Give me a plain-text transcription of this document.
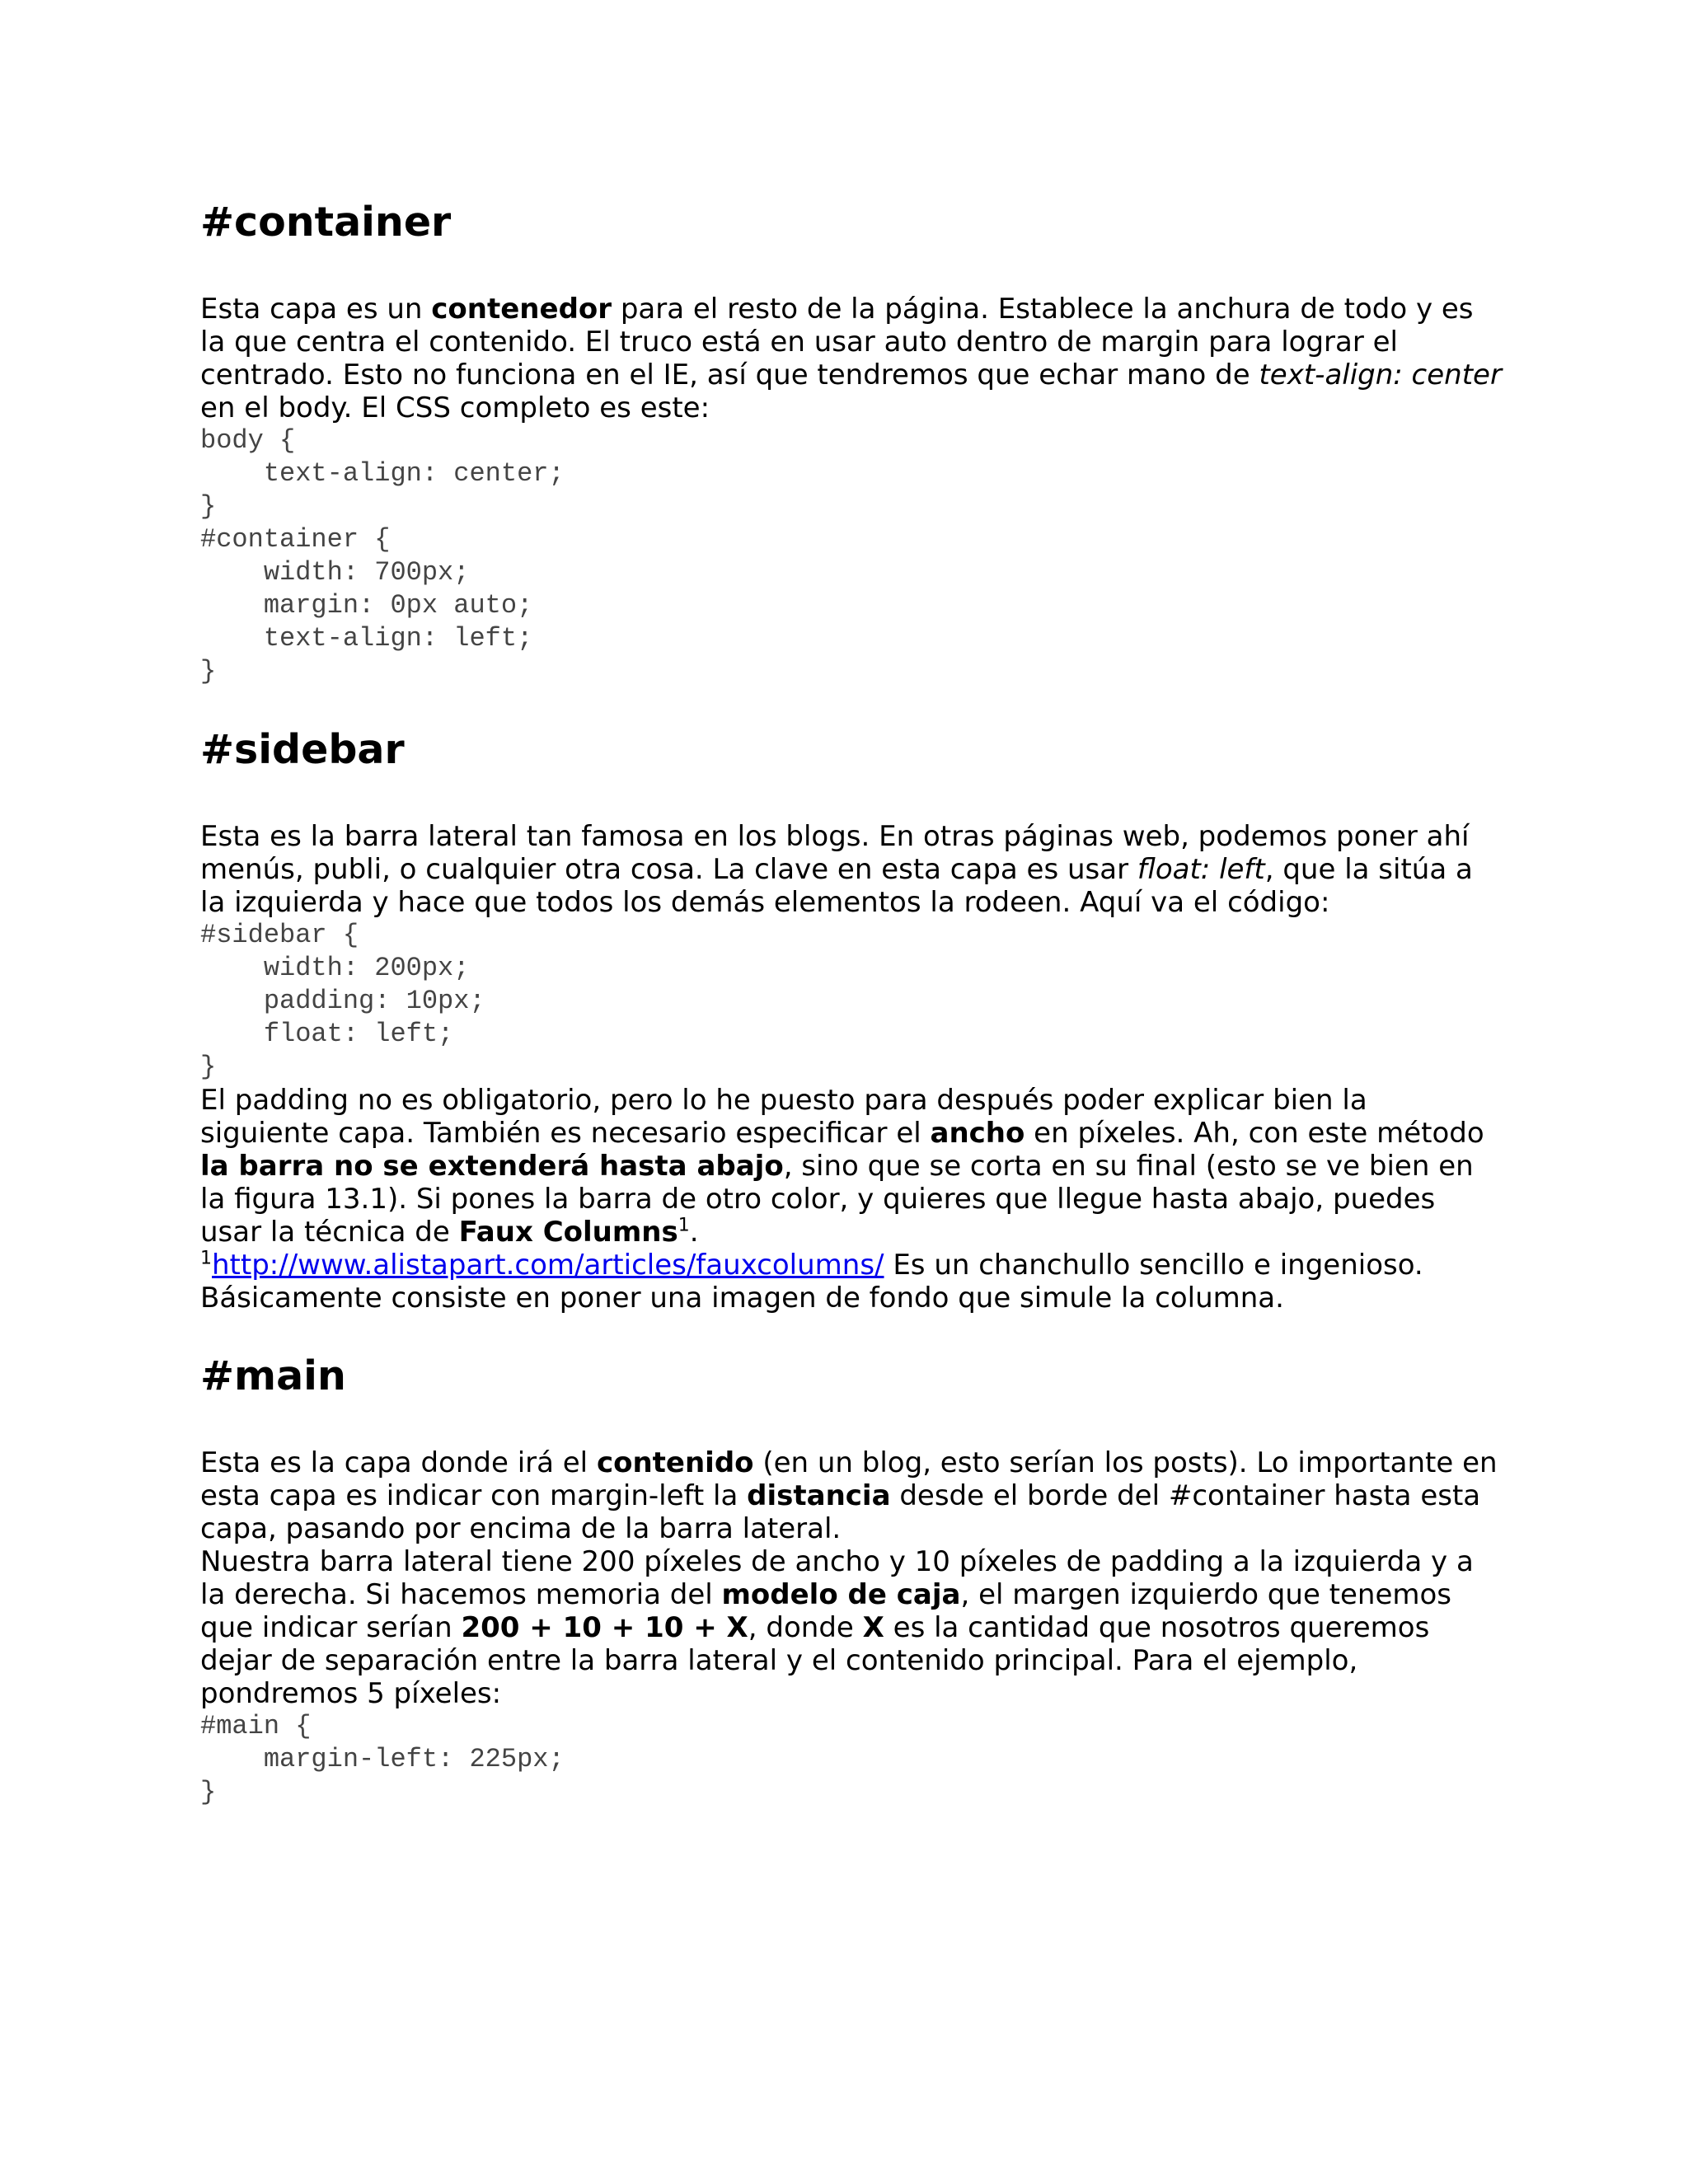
#container

Esta capa es un contenedor para el resto de la página. Establece la anchura de todo y es la que centra el contenido. El truco está en usar auto dentro de margin para lograr el centrado. Esto no funciona en el IE, así que tendremos que echar mano de text-align: center en el body. El CSS completo es este:

body {
text-align: center;
}
#container {
width: 700px;
margin: 0px auto;
text-align: left;
}
#sidebar

Esta es la barra lateral tan famosa en los blogs. En otras páginas web, podemos poner ahí menús, publi, o cualquier otra cosa. La clave en esta capa es usar float: left, que la sitúa a la izquierda y hace que todos los demás elementos la rodeen. Aquí va el código:

#sidebar {
width: 200px;
padding: 10px;
float: left;
}

El padding no es obligatorio, pero lo he puesto para después poder explicar bien la siguiente capa. También es necesario especificar el ancho en píxeles. Ah, con este método la barra no se extenderá hasta abajo, sino que se corta en su final (esto se ve bien en la figura 13.1). Si pones la barra de otro color, y quieres que llegue hasta abajo, puedes usar la técnica de Faux Columns$^1$.

$^1$http://www.alistapart.com/articles/fauxcolumns/ Es un chanchullo sencillo e ingenioso. Básicamente consiste en poner una imagen de fondo que simule la columna.

#main

Esta es la capa donde irá el contenido (en un blog, esto serían los posts). Lo importante en esta capa es indicar con margin-left la distancia desde el borde del #container hasta esta capa, pasando por encima de la barra lateral.

Nuestra barra lateral tiene 200 píxeles de ancho y 10 píxeles de padding a la izquierda y a la derecha. Si hacemos memoria del modelo de caja, el margen izquierdo que tenemos que indicar serían 200 + 10 + 10 + X, donde X es la cantidad que nosotros queremos dejar de separación entre la barra lateral y el contenido principal. Para el ejemplo, pondremos 5 píxeles:

#main {
margin-left: 225px;
}
